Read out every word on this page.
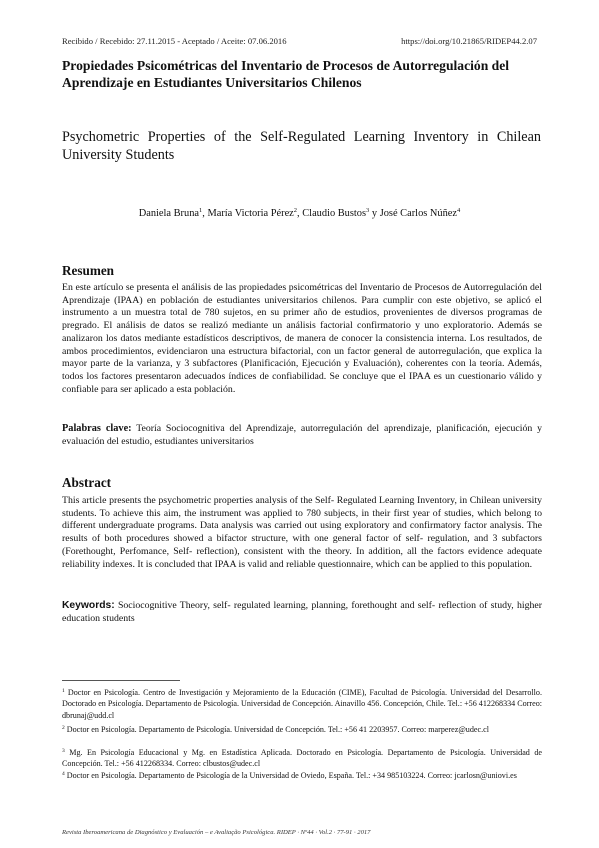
Recibido / Recebido: 27.11.2015 - Aceptado / Aceite: 07.06.2016	https://doi.org/10.21865/RIDEP44.2.07
Propiedades Psicométricas del Inventario de Procesos de Autorregulación del Aprendizaje en Estudiantes Universitarios Chilenos
Psychometric Properties of the Self-Regulated Learning Inventory in Chilean University Students
Daniela Bruna$^1$, María Victoria Pérez$^2$, Claudio Bustos$^3$ y José Carlos Núñez$^4$
Resumen
En este artículo se presenta el análisis de las propiedades psicométricas del Inventario de Procesos de Autorregulación del Aprendizaje (IPAA) en población de estudiantes universitarios chilenos. Para cumplir con este objetivo, se aplicó el instrumento a un muestra total de 780 sujetos, en su primer año de estudios, provenientes de diversos programas de pregrado. El análisis de datos se realizó mediante un análisis factorial confirmatorio y uno exploratorio. Además se analizaron los datos mediante estadísticos descriptivos, de manera de conocer la consistencia interna. Los resultados, de ambos procedimientos, evidenciaron una estructura bifactorial, con un factor general de autorregulación, que explica la mayor parte de la varianza, y 3 subfactores (Planificación, Ejecución y Evaluación), coherentes con la teoría. Además, todos los factores presentaron adecuados índices de confiabilidad. Se concluye que el IPAA es un cuestionario válido y confiable para ser aplicado a esta población.
Palabras clave: Teoría Sociocognitiva del Aprendizaje, autorregulación del aprendizaje, planificación, ejecución y evaluación del estudio, estudiantes universitarios
Abstract
This article presents the psychometric properties analysis of the Self- Regulated Learning Inventory, in Chilean university students. To achieve this aim, the instrument was applied to 780 subjects, in their first year of studies, which belong to different undergraduate programs. Data analysis was carried out using exploratory and confirmatory factor analysis. The results of both procedures showed a bifactor structure, with one general factor of self- regulation, and 3 subfactors (Forethought, Perfomance, Self- reflection), consistent with the theory. In addition, all the factors evidence adequate reliability indexes. It is concluded that IPAA is valid and reliable questionnaire, which can be applied to this population.
Keywords: Sociocognitive Theory, self- regulated learning, planning, forethought and self- reflection of study, higher education students
$^1$ Doctor en Psicología. Centro de Investigación y Mejoramiento de la Educación (CIME), Facultad de Psicología. Universidad del Desarrollo. Doctorado en Psicología. Departamento de Psicología. Universidad de Concepción. Ainavillo 456. Concepción, Chile. Tel.: +56 412268334 Correo: dbrunaj@udd.cl
$^2$ Doctor en Psicología. Departamento de Psicología. Universidad de Concepción. Tel.: +56 41 2203957. Correo: marperez@udec.cl
$^3$ Mg. En Psicología Educacional y Mg. en Estadística Aplicada. Doctorado en Psicología. Departamento de Psicología. Universidad de Concepción. Tel.: +56 412268334. Correo: clbustos@udec.cl
$^4$ Doctor en Psicología. Departamento de Psicología de la Universidad de Oviedo, España. Tel.: +34 985103224. Correo: jcarlosn@uniovi.es
Revista Iberoamericana de Diagnóstico y Evaluación – e Avaliação Psicológica. RIDEP · Nº44 · Vol.2 · 77-91 · 2017
